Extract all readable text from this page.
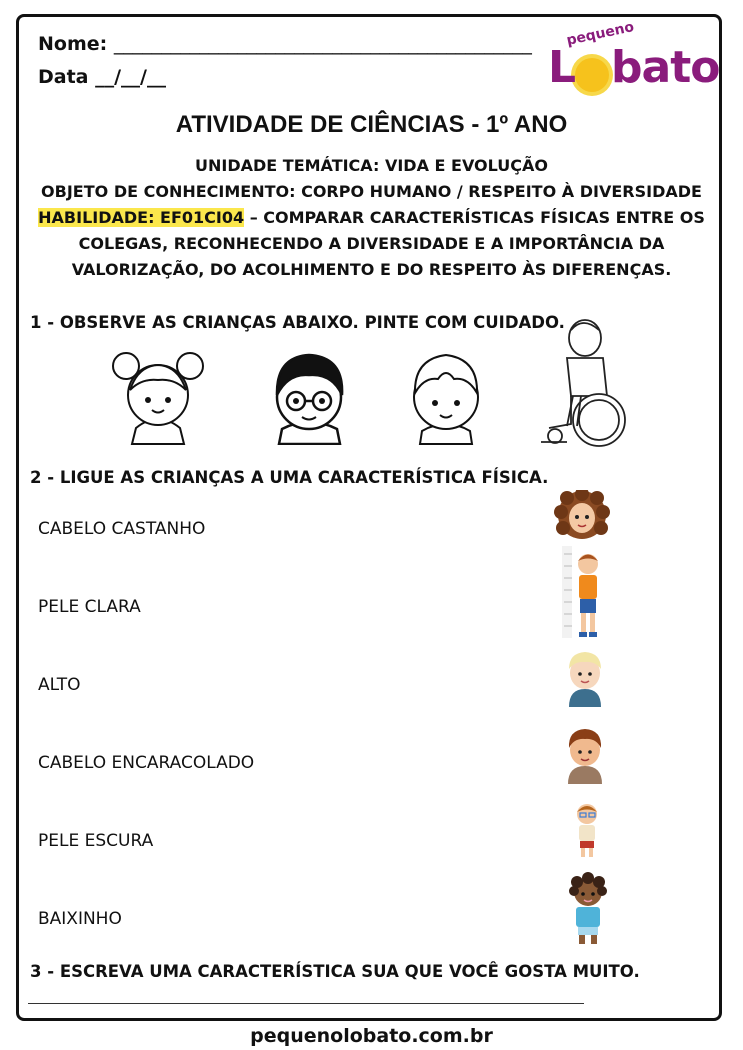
Nome: ____________________________________________
Data __/__/__
pequeno
L bato
ATIVIDADE DE CIÊNCIAS - 1º ANO
UNIDADE TEMÁTICA: VIDA E EVOLUÇÃO
OBJETO DE CONHECIMENTO: CORPO HUMANO / RESPEITO À DIVERSIDADE
HABILIDADE: EF01CI04 – COMPARAR CARACTERÍSTICAS FÍSICAS ENTRE OS
COLEGAS, RECONHECENDO A DIVERSIDADE E A IMPORTÂNCIA DA
VALORIZAÇÃO, DO ACOLHIMENTO E DO RESPEITO ÀS DIFERENÇAS.
1 - OBSERVE AS CRIANÇAS ABAIXO. PINTE COM CUIDADO.
2 - LIGUE AS CRIANÇAS A UMA CARACTERÍSTICA FÍSICA.
CABELO CASTANHO
PELE CLARA
ALTO
CABELO ENCARACOLADO
PELE ESCURA
BAIXINHO
3 - ESCREVA UMA CARACTERÍSTICA SUA QUE VOCÊ GOSTA MUITO.
pequenolobato.com.br
